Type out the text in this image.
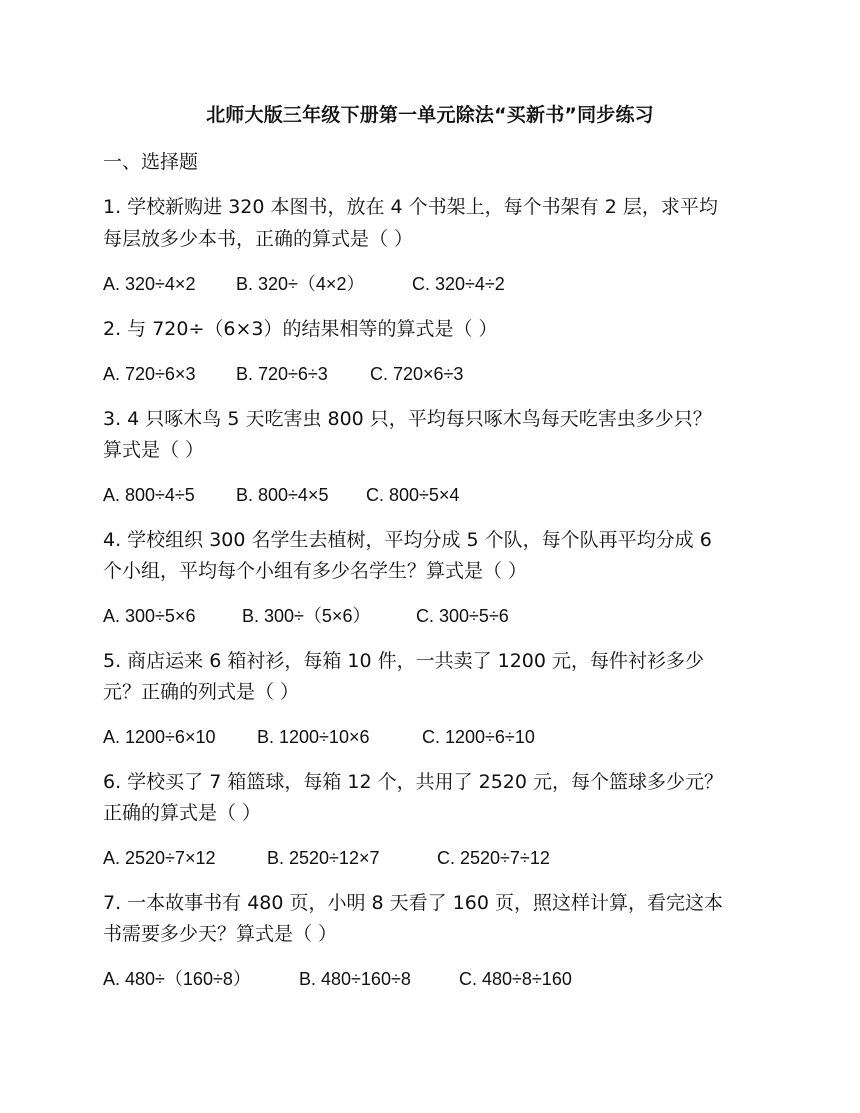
北师大版三年级下册第一单元除法“买新书”同步练习
一、选择题
1. 学校新购进 320 本图书，放在 4 个书架上，每个书架有 2 层，求平均
每层放多少本书，正确的算式是（ ）
A. 320÷4×2 B. 320÷（4×2）	C. 320÷4÷2
2. 与 720÷（6×3）的结果相等的算式是（ ）
A. 720÷6×3 B. 720÷6÷3 C. 720×6÷3
3. 4 只啄木鸟 5 天吃害虫 800 只，平均每只啄木鸟每天吃害虫多少只？
算式是（ ）
A. 800÷4÷5 B. 800÷4×5 C. 800÷5×4
4. 学校组织 300 名学生去植树，平均分成 5 个队，每个队再平均分成 6
个小组，平均每个小组有多少名学生？算式是（ ）
A. 300÷5×6	B. 300÷（5×6）	C. 300÷5÷6
5. 商店运来 6 箱衬衫，每箱 10 件，一共卖了 1200 元，每件衬衫多少
元？正确的列式是（ ）
A. 1200÷6×10 B. 1200÷10×6	C. 1200÷6÷10
6. 学校买了 7 箱篮球，每箱 12 个，共用了 2520 元，每个篮球多少元？
正确的算式是（ ）
A. 2520÷7×12	B. 2520÷12×7	C. 2520÷7÷12
7. 一本故事书有 480 页，小明 8 天看了 160 页，照这样计算，看完这本
书需要多少天？算式是（ ）
A. 480÷（160÷8）	B. 480÷160÷8	C. 480÷8÷160
